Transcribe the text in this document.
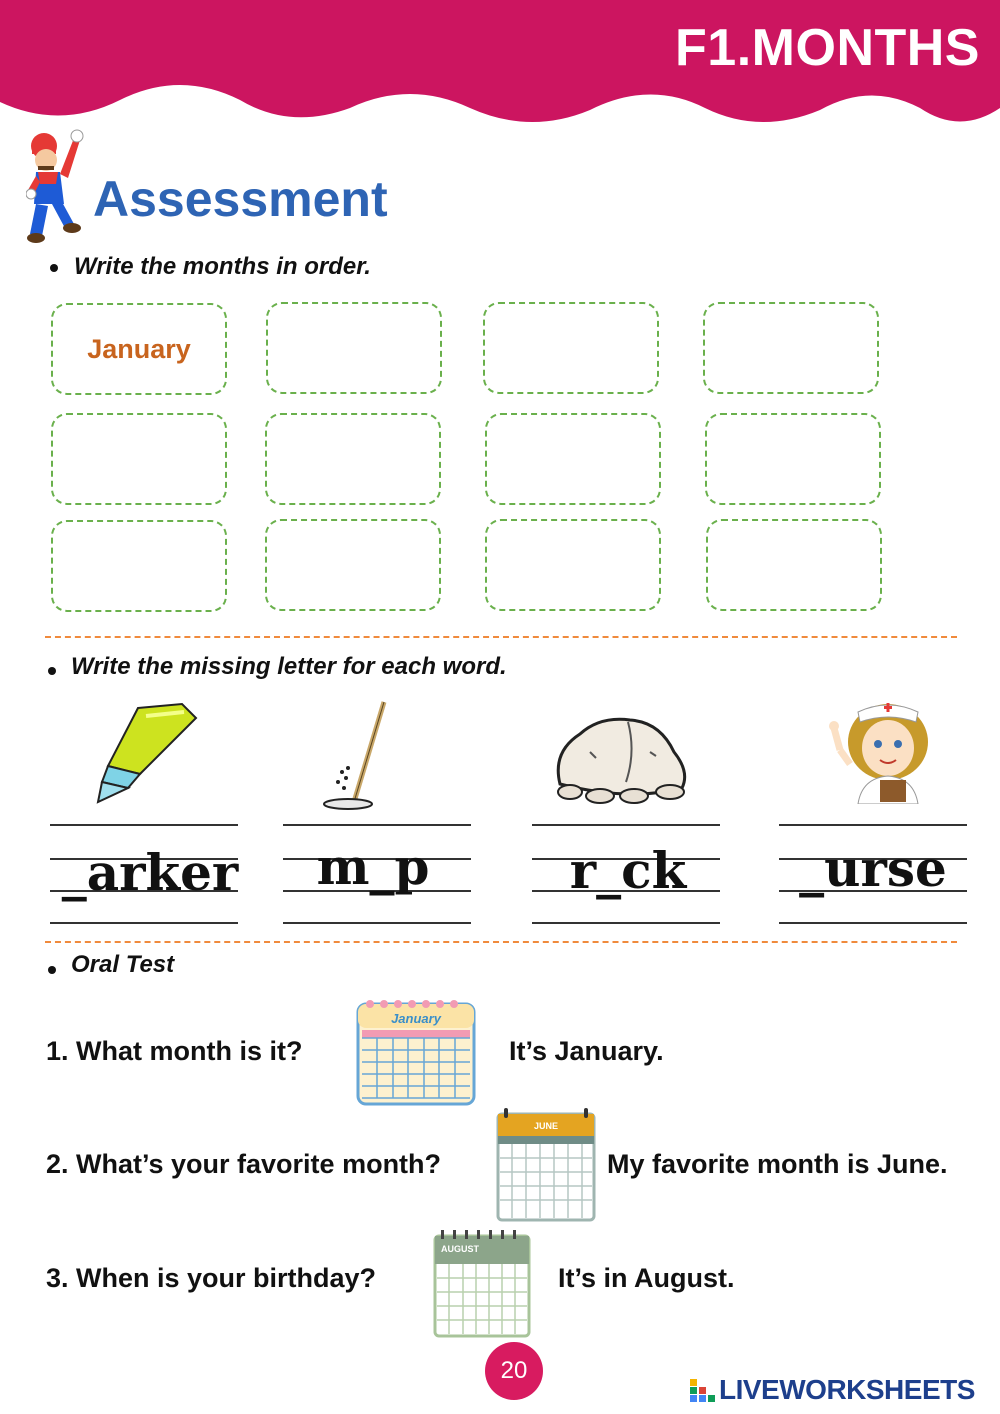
F1.MONTHS
Assessment
Write the months in order.
January
Write the missing letter for each word.
_arker	m_p	r_ck	_urse
Oral Test
1. What month is it?
January
It’s January.
2. What’s your favorite month?
JUNE
My favorite month is June.
3. When is your birthday?
AUGUST
It’s in August.
20
LIVEWORKSHEETS
